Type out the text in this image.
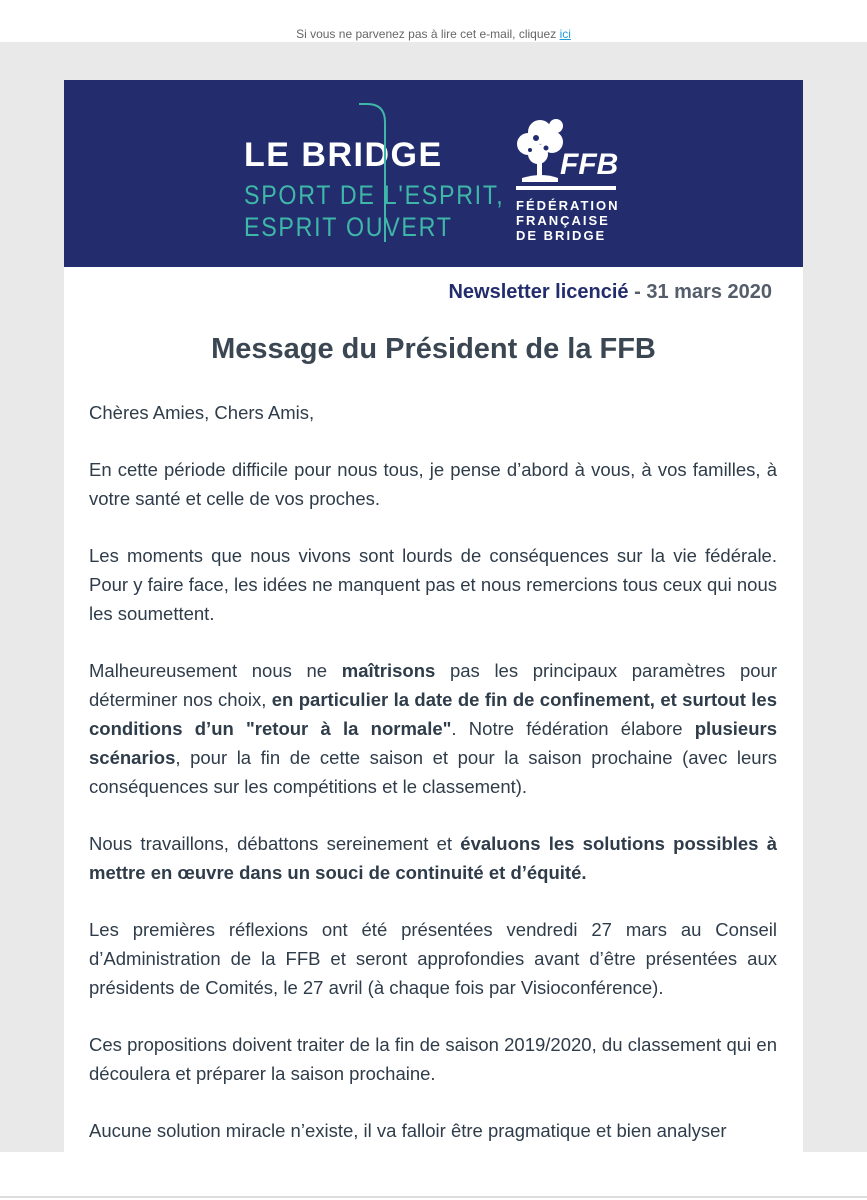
Si vous ne parvenez pas à lire cet e-mail, cliquez ici
LE BRIDGE
SPORT DE L'ESPRIT,
ESPRIT OUVERT
FFB
FÉDÉRATION
FRANÇAISE
DE BRIDGE
Newsletter licencié - 31 mars 2020
Message du Président de la FFB

Chères Amies, Chers Amis,

En cette période difficile pour nous tous, je pense d’abord à vous, à vos familles, à votre santé et celle de vos proches.

Les moments que nous vivons sont lourds de conséquences sur la vie fédérale. Pour y faire face, les idées ne manquent pas et nous remercions tous ceux qui nous les soumettent.

Malheureusement nous ne maîtrisons pas les principaux paramètres pour déterminer nos choix, en particulier la date de fin de confinement, et surtout les conditions d’un "retour à la normale". Notre fédération élabore plusieurs scénarios, pour la fin de cette saison et pour la saison prochaine (avec leurs conséquences sur les compétitions et le classement).

Nous travaillons, débattons sereinement et évaluons les solutions possibles à mettre en œuvre dans un souci de continuité et d’équité.

Les premières réflexions ont été présentées vendredi 27 mars au Conseil d’Administration de la FFB et seront approfondies avant d’être présentées aux présidents de Comités, le 27 avril (à chaque fois par Visioconférence).

Ces propositions doivent traiter de la fin de saison 2019/2020, du classement qui en découlera et préparer la saison prochaine.

Aucune solution miracle n’existe, il va falloir être pragmatique et bien analyser
